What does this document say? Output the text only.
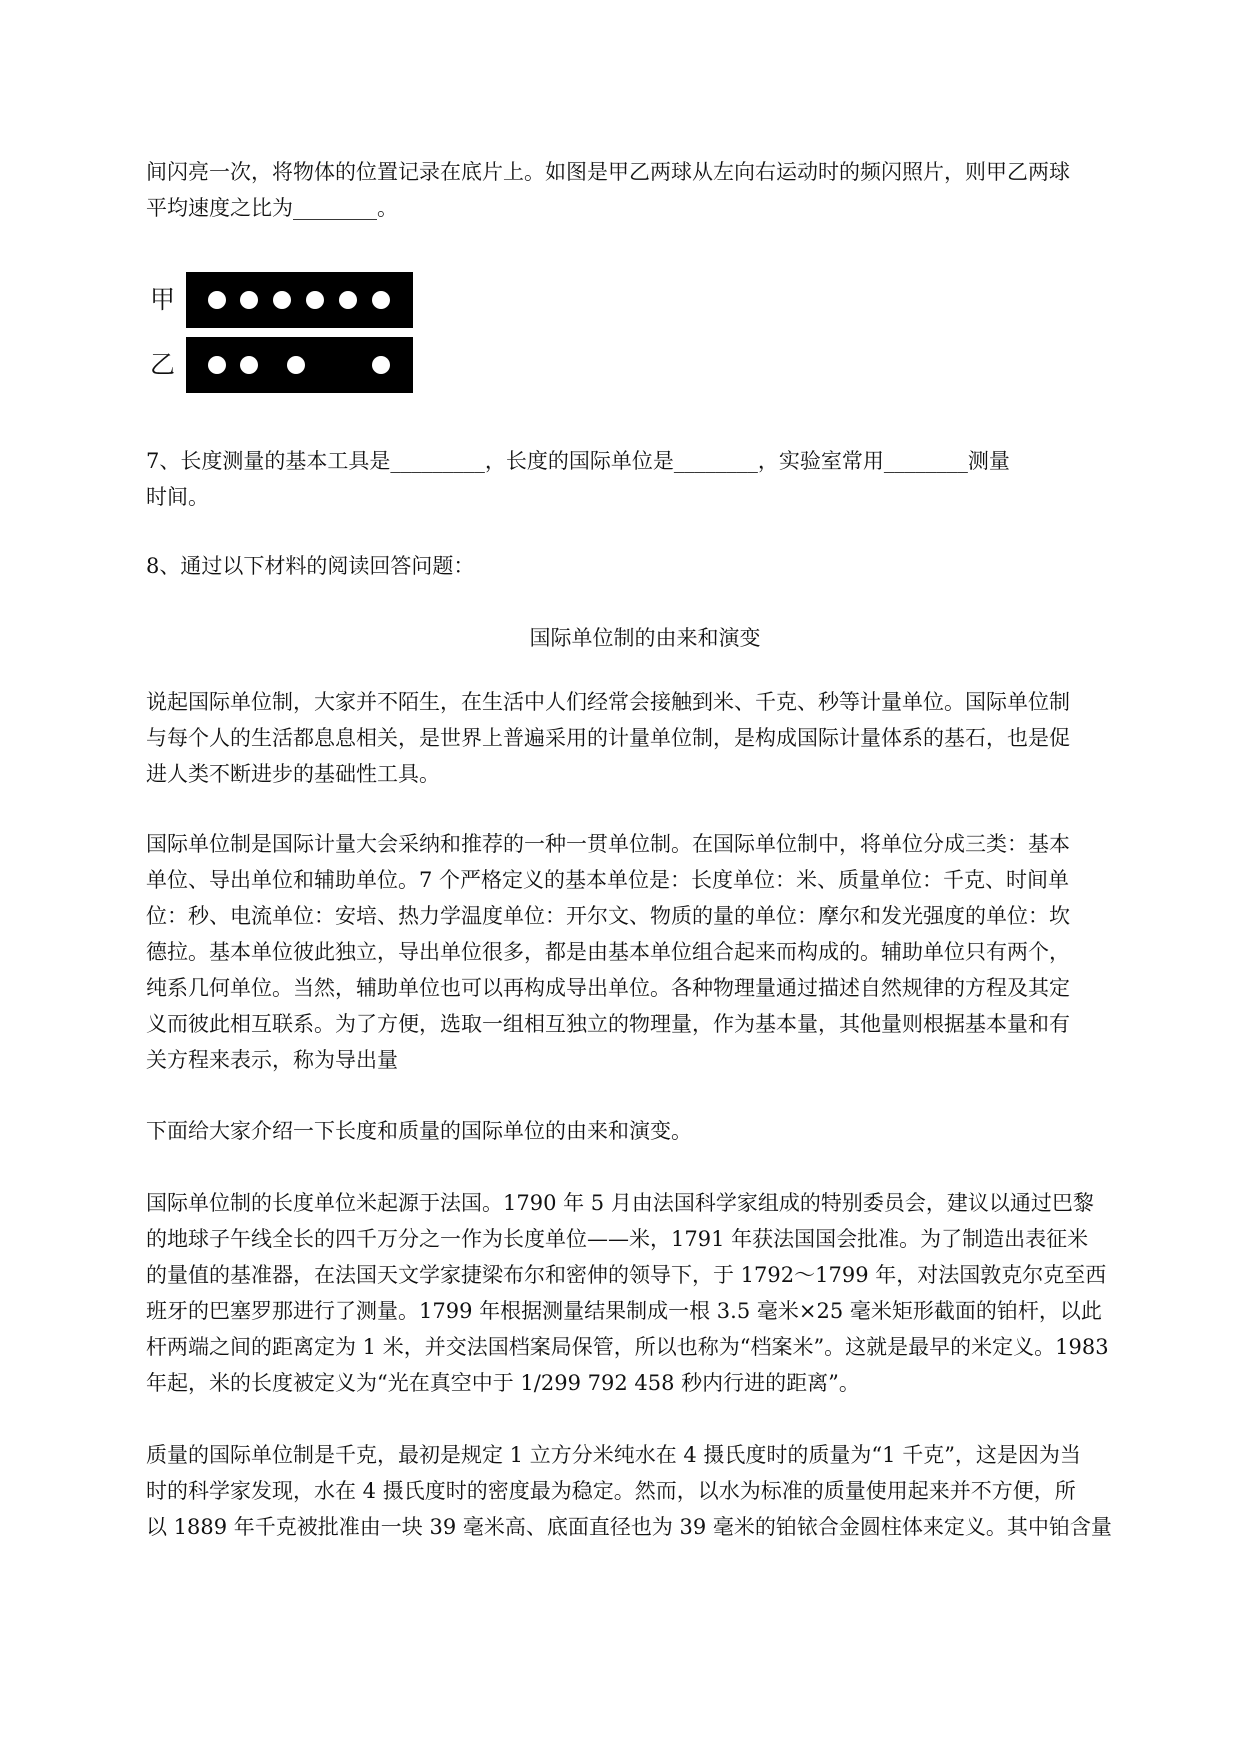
间闪亮一次，将物体的位置记录在底片上。如图是甲乙两球从左向右运动时的频闪照片，则甲乙两球
平均速度之比为________。
甲
乙
7、长度测量的基本工具是_________，长度的国际单位是________，实验室常用________测量
时间。
8、通过以下材料的阅读回答问题：
国际单位制的由来和演变
说起国际单位制，大家并不陌生，在生活中人们经常会接触到米、千克、秒等计量单位。国际单位制
与每个人的生活都息息相关，是世界上普遍采用的计量单位制，是构成国际计量体系的基石，也是促
进人类不断进步的基础性工具。
国际单位制是国际计量大会采纳和推荐的一种一贯单位制。在国际单位制中，将单位分成三类：基本
单位、导出单位和辅助单位。7 个严格定义的基本单位是：长度单位：米、质量单位：千克、时间单
位：秒、电流单位：安培、热力学温度单位：开尔文、物质的量的单位：摩尔和发光强度的单位：坎
德拉。基本单位彼此独立，导出单位很多，都是由基本单位组合起来而构成的。辅助单位只有两个，
纯系几何单位。当然，辅助单位也可以再构成导出单位。各种物理量通过描述自然规律的方程及其定
义而彼此相互联系。为了方便，选取一组相互独立的物理量，作为基本量，其他量则根据基本量和有
关方程来表示，称为导出量
下面给大家介绍一下长度和质量的国际单位的由来和演变。
国际单位制的长度单位米起源于法国。1790 年 5 月由法国科学家组成的特别委员会，建议以通过巴黎
的地球子午线全长的四千万分之一作为长度单位——米，1791 年获法国国会批准。为了制造出表征米
的量值的基准器，在法国天文学家捷梁布尔和密伸的领导下，于 1792～1799 年，对法国敦克尔克至西
班牙的巴塞罗那进行了测量。1799 年根据测量结果制成一根 3.5 毫米×25 毫米矩形截面的铂杆，以此
杆两端之间的距离定为 1 米，并交法国档案局保管，所以也称为“档案米”。这就是最早的米定义。1983
年起，米的长度被定义为“光在真空中于 1/299 792 458 秒内行进的距离”。
质量的国际单位制是千克，最初是规定 1 立方分米纯水在 4 摄氏度时的质量为“1 千克”，这是因为当
时的科学家发现，水在 4 摄氏度时的密度最为稳定。然而，以水为标准的质量使用起来并不方便，所
以 1889 年千克被批准由一块 39 毫米高、底面直径也为 39 毫米的铂铱合金圆柱体来定义。其中铂含量
